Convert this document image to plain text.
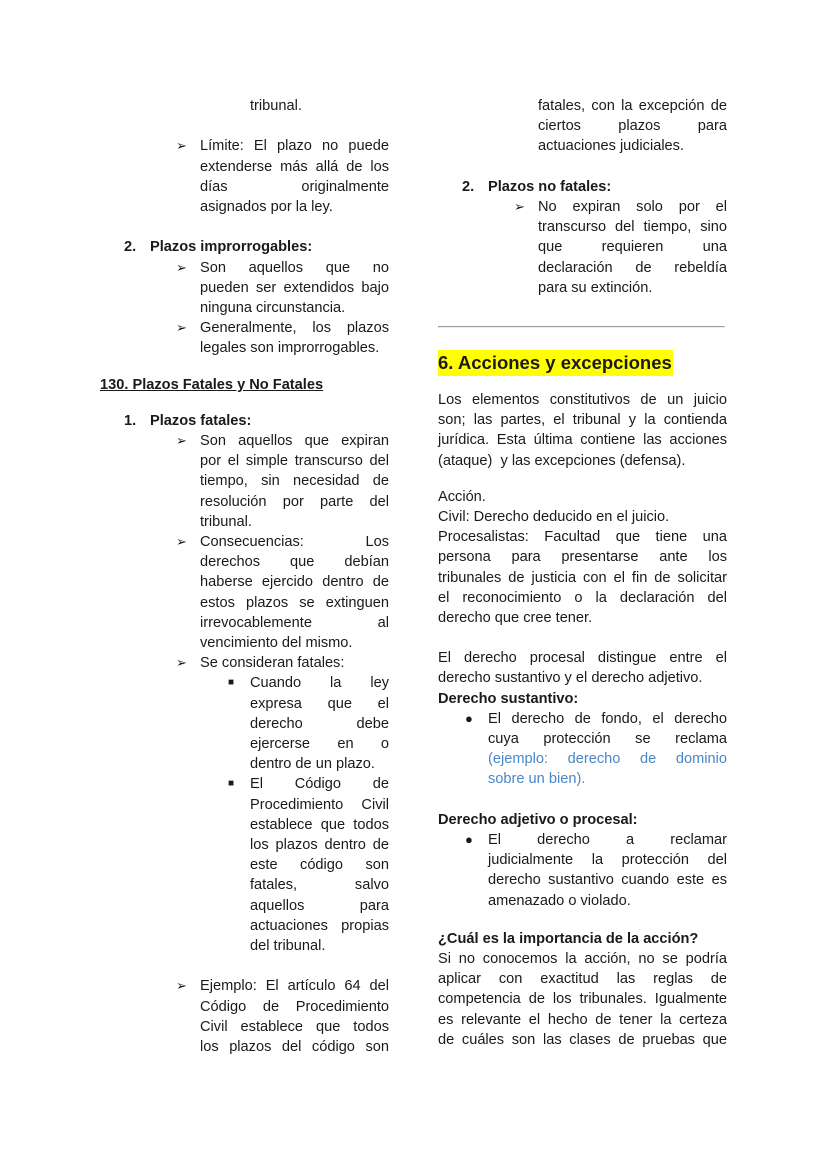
tribunal.
➢ Límite: El plazo no puede
extenderse más allá de los
días originalmente
asignados por la ley.
2. Plazos improrrogables:
➢ Son aquellos que no
pueden ser extendidos bajo
ninguna circunstancia.
➢ Generalmente, los plazos
legales son improrrogables.
130. Plazos Fatales y No Fatales
1. Plazos fatales:
➢ Son aquellos que expiran
por el simple transcurso del
tiempo, sin necesidad de
resolución por parte del
tribunal.
➢ Consecuencias: Los
derechos que debían
haberse ejercido dentro de
estos plazos se extinguen
irrevocablemente al
vencimiento del mismo.
➢ Se consideran fatales:
■ Cuando la ley
expresa que el
derecho debe
ejercerse en o
dentro de un plazo.
■ El Código de
Procedimiento Civil
establece que todos
los plazos dentro de
este código son
fatales, salvo
aquellos para
actuaciones propias
del tribunal.
➢ Ejemplo: El artículo 64 del
Código de Procedimiento
Civil establece que todos
los plazos del código son
fatales, con la excepción de
ciertos plazos para
actuaciones judiciales.
2. Plazos no fatales:
➢ No expiran solo por el
transcurso del tiempo, sino
que requieren una
declaración de rebeldía
para su extinción.
6. Acciones y excepciones
Los elementos constitutivos de un juicio
son; las partes, el tribunal y la contienda
jurídica. Esta última contiene las acciones
(ataque)  y las excepciones (defensa).
Acción.
Civil: Derecho deducido en el juicio.
Procesalistas: Facultad que tiene una
persona para presentarse ante los
tribunales de justicia con el fin de solicitar
el reconocimiento o la declaración del
derecho que cree tener.
El derecho procesal distingue entre el
derecho sustantivo y el derecho adjetivo.
Derecho sustantivo:
● El derecho de fondo, el derecho
cuya protección se reclama
(ejemplo: derecho de dominio
sobre un bien).
Derecho adjetivo o procesal:
● El derecho a reclamar
judicialmente la protección del
derecho sustantivo cuando este es
amenazado o violado.
¿Cuál es la importancia de la acción?
Si no conocemos la acción, no se podría
aplicar con exactitud las reglas de
competencia de los tribunales. Igualmente
es relevante el hecho de tener la certeza
de cuáles son las clases de pruebas que
